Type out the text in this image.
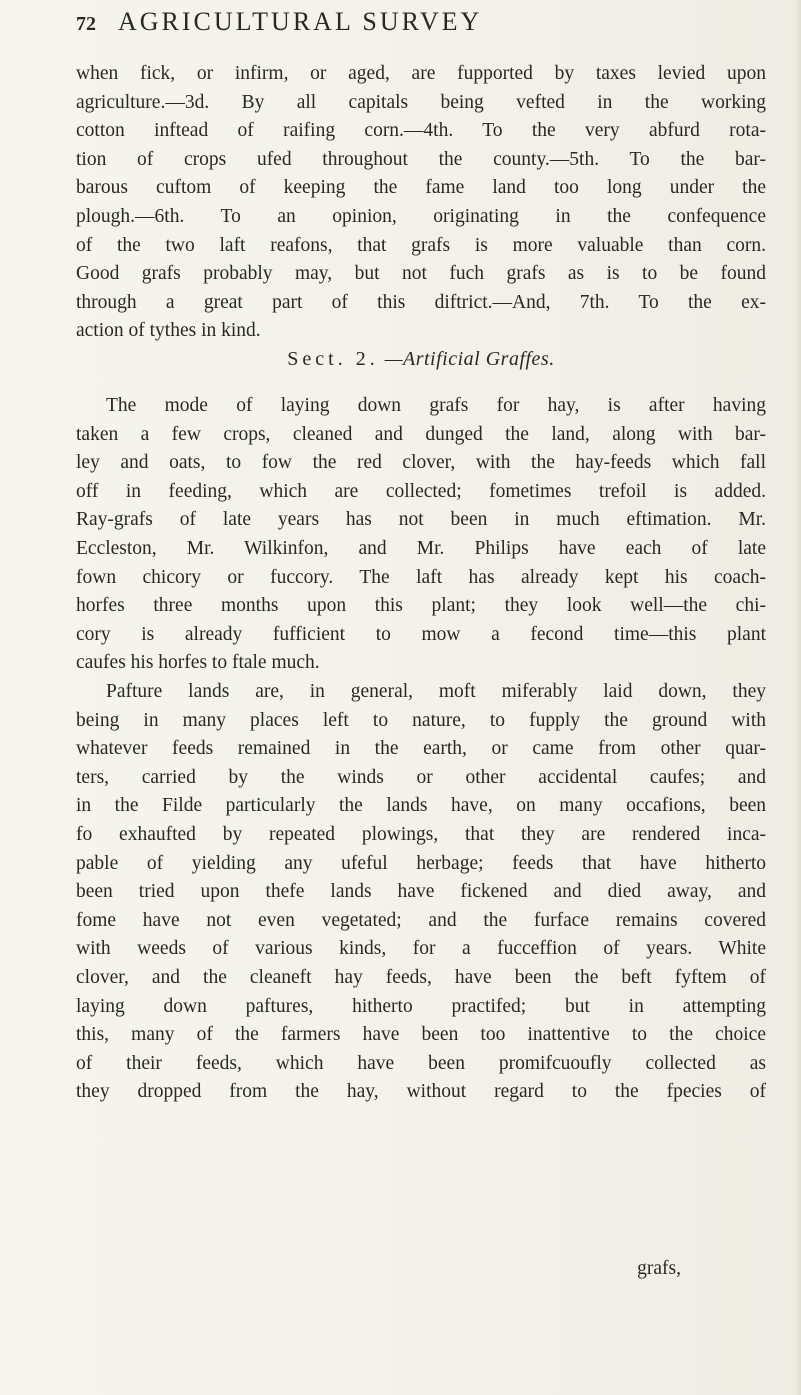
72 AGRICULTURAL SURVEY
when fick, or infirm, or aged, are fupported by taxes levied upon
agriculture.—3d. By all capitals being vefted in the working
cotton inftead of raifing corn.—4th. To the very abfurd rota-
tion of crops ufed throughout the county.—5th. To the bar-
barous cuftom of keeping the fame land too long under the
plough.—6th. To an opinion, originating in the confequence
of the two laft reafons, that grafs is more valuable than corn.
Good grafs probably may, but not fuch grafs as is to be found
through a great part of this diftrict.—And, 7th. To the ex-
action of tythes in kind.
Sect. 2. —Artificial Graffes.
The mode of laying down grafs for hay, is after having
taken a few crops, cleaned and dunged the land, along with bar-
ley and oats, to fow the red clover, with the hay-feeds which fall
off in feeding, which are collected; fometimes trefoil is added.
Ray-grafs of late years has not been in much eftimation. Mr.
Eccleston, Mr. Wilkinfon, and Mr. Philips have each of late
fown chicory or fuccory. The laft has already kept his coach-
horfes three months upon this plant; they look well—the chi-
cory is already fufficient to mow a fecond time—this plant
caufes his horfes to ftale much.
Pafture lands are, in general, moft miferably laid down, they
being in many places left to nature, to fupply the ground with
whatever feeds remained in the earth, or came from other quar-
ters, carried by the winds or other accidental caufes; and
in the Filde particularly the lands have, on many occafions, been
fo exhaufted by repeated plowings, that they are rendered inca-
pable of yielding any ufeful herbage; feeds that have hitherto
been tried upon thefe lands have fickened and died away, and
fome have not even vegetated; and the furface remains covered
with weeds of various kinds, for a fucceffion of years. White
clover, and the cleaneft hay feeds, have been the beft fyftem of
laying down paftures, hitherto practifed; but in attempting
this, many of the farmers have been too inattentive to the choice
of their feeds, which have been promifcuoufly collected as
they dropped from the hay, without regard to the fpecies of
grafs,
